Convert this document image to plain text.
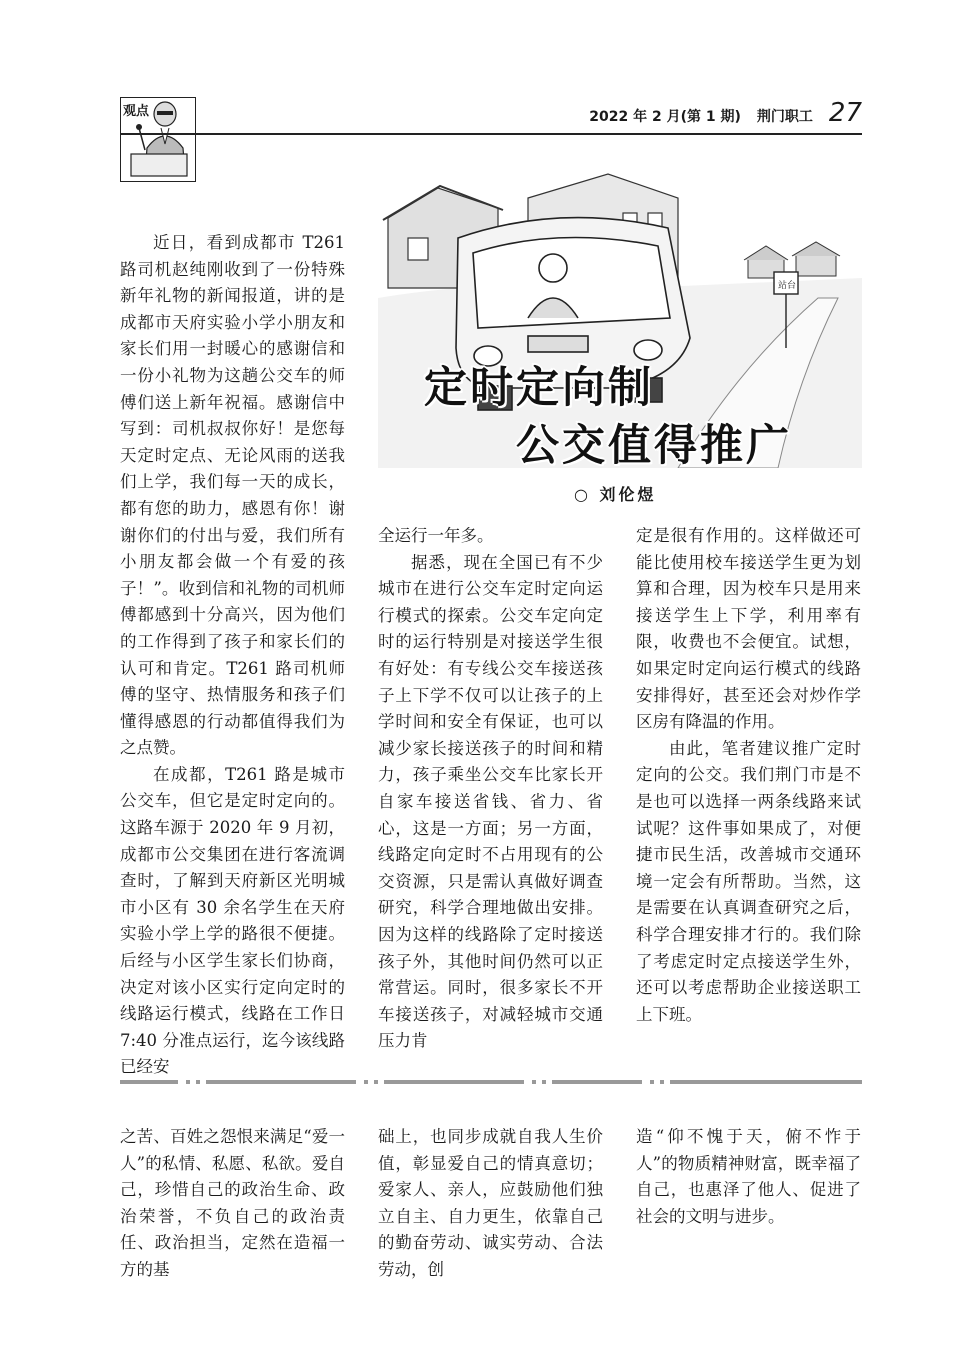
观点	2022 年 2 月(第 1 期) 荆门职工 27
站台
定时定向制
公交值得推广
○ 刘伦煜

近日，看到成都市 T261 路司机赵纯刚收到了一份特殊新年礼物的新闻报道，讲的是成都市天府实验小学小朋友和家长们用一封暖心的感谢信和一份小礼物为这趟公交车的师傅们送上新年祝福。感谢信中写到：司机叔叔你好！是您每天定时定点、无论风雨的送我们上学，我们每一天的成长，都有您的助力，感恩有你！谢谢你们的付出与爱，我们所有小朋友都会做一个有爱的孩子！”。收到信和礼物的司机师傅都感到十分高兴，因为他们的工作得到了孩子和家长们的认可和肯定。T261 路司机师傅的坚守、热情服务和孩子们懂得感恩的行动都值得我们为之点赞。

在成都，T261 路是城市公交车，但它是定时定向的。这路车源于 2020 年 9 月初，成都市公交集团在进行客流调查时，了解到天府新区光明城市小区有 30 余名学生在天府实验小学上学的路很不便捷。后经与小区学生家长们协商，决定对该小区实行定向定时的线路运行模式，线路在工作日 7:40 分准点运行，迄今该线路已经安

全运行一年多。

据悉，现在全国已有不少城市在进行公交车定时定向运行模式的探索。公交车定向定时的运行特别是对接送学生很有好处：有专线公交车接送孩子上下学不仅可以让孩子的上学时间和安全有保证，也可以减少家长接送孩子的时间和精力，孩子乘坐公交车比家长开自家车接送省钱、省力、省心，这是一方面；另一方面，线路定向定时不占用现有的公交资源，只是需认真做好调查研究，科学合理地做出安排。因为这样的线路除了定时接送孩子外，其他时间仍然可以正常营运。同时，很多家长不开车接送孩子，对减轻城市交通压力肯

定是很有作用的。这样做还可能比使用校车接送学生更为划算和合理，因为校车只是用来接送学生上下学，利用率有限，收费也不会便宜。试想，如果定时定向运行模式的线路安排得好，甚至还会对炒作学区房有降温的作用。

由此，笔者建议推广定时定向的公交。我们荆门市是不是也可以选择一两条线路来试试呢？这件事如果成了，对便捷市民生活，改善城市交通环境一定会有所帮助。当然，这是需要在认真调查研究之后，科学合理安排才行的。我们除了考虑定时定点接送学生外，还可以考虑帮助企业接送职工上下班。

之苦、百姓之怨恨来满足“爱一人”的私情、私愿、私欲。爱自己，珍惜自己的政治生命、政治荣誉，不负自己的政治责任、政治担当，定然在造福一方的基

础上，也同步成就自我人生价值，彰显爱自己的情真意切；爱家人、亲人，应鼓励他们独立自主、自力更生，依靠自己的勤奋劳动、诚实劳动、合法劳动，创

造“仰不愧于天，俯不怍于人”的物质精神财富，既幸福了自己，也惠泽了他人、促进了社会的文明与进步。
